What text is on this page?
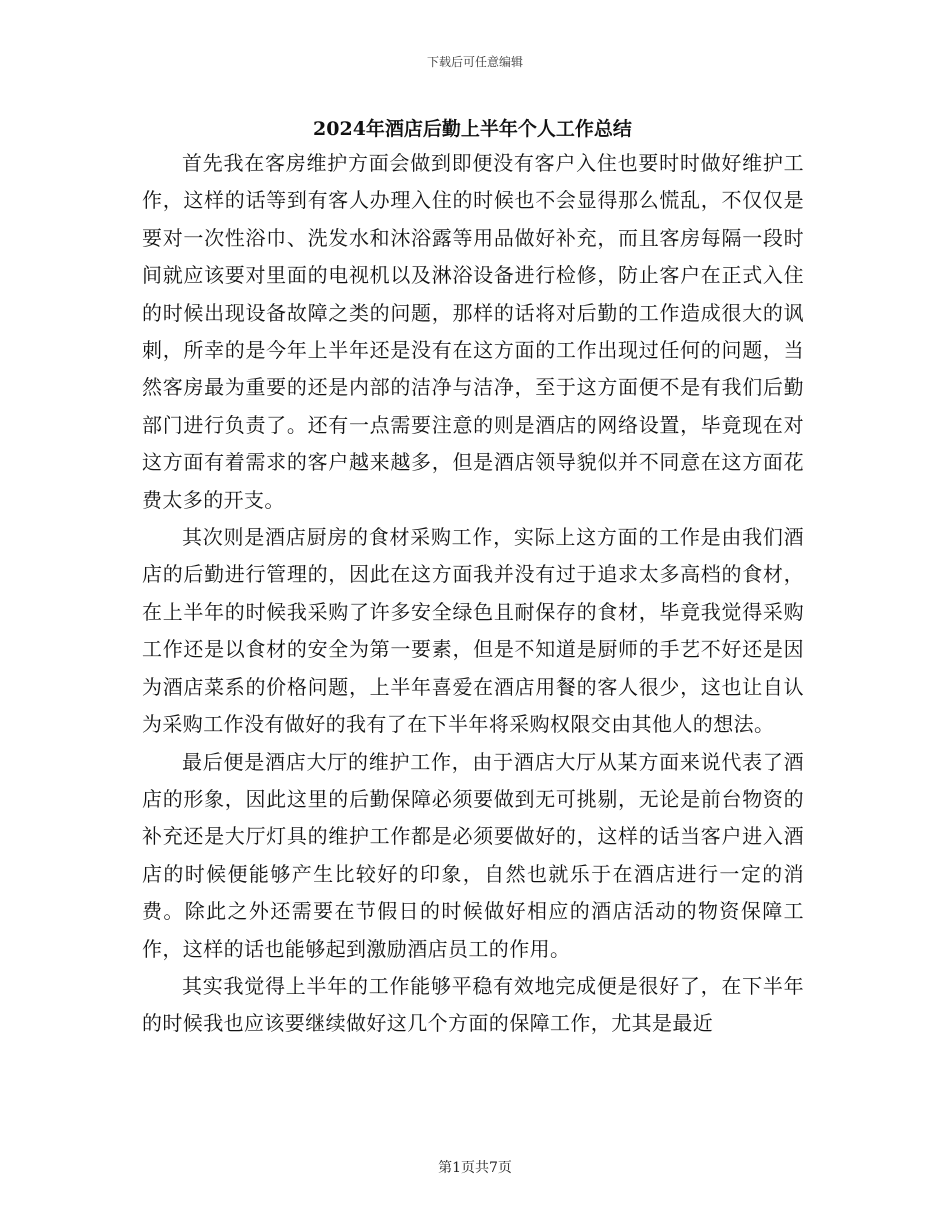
下载后可任意编辑
2024年酒店后勤上半年个人工作总结

首先我在客房维护方面会做到即便没有客户入住也要时时做好维护工作，这样的话等到有客人办理入住的时候也不会显得那么慌乱，不仅仅是要对一次性浴巾、洗发水和沐浴露等用品做好补充，而且客房每隔一段时间就应该要对里面的电视机以及淋浴设备进行检修，防止客户在正式入住的时候出现设备故障之类的问题，那样的话将对后勤的工作造成很大的讽刺，所幸的是今年上半年还是没有在这方面的工作出现过任何的问题，当然客房最为重要的还是内部的洁净与洁净，至于这方面便不是有我们后勤部门进行负责了。还有一点需要注意的则是酒店的网络设置，毕竟现在对这方面有着需求的客户越来越多，但是酒店领导貌似并不同意在这方面花费太多的开支。

其次则是酒店厨房的食材采购工作，实际上这方面的工作是由我们酒店的后勤进行管理的，因此在这方面我并没有过于追求太多高档的食材，在上半年的时候我采购了许多安全绿色且耐保存的食材，毕竟我觉得采购工作还是以食材的安全为第一要素，但是不知道是厨师的手艺不好还是因为酒店菜系的价格问题，上半年喜爱在酒店用餐的客人很少，这也让自认为采购工作没有做好的我有了在下半年将采购权限交由其他人的想法。

最后便是酒店大厅的维护工作，由于酒店大厅从某方面来说代表了酒店的形象，因此这里的后勤保障必须要做到无可挑剔，无论是前台物资的补充还是大厅灯具的维护工作都是必须要做好的，这样的话当客户进入酒店的时候便能够产生比较好的印象，自然也就乐于在酒店进行一定的消费。除此之外还需要在节假日的时候做好相应的酒店活动的物资保障工作，这样的话也能够起到激励酒店员工的作用。

其实我觉得上半年的工作能够平稳有效地完成便是很好了，在下半年的时候我也应该要继续做好这几个方面的保障工作，尤其是最近

第1页共7页
